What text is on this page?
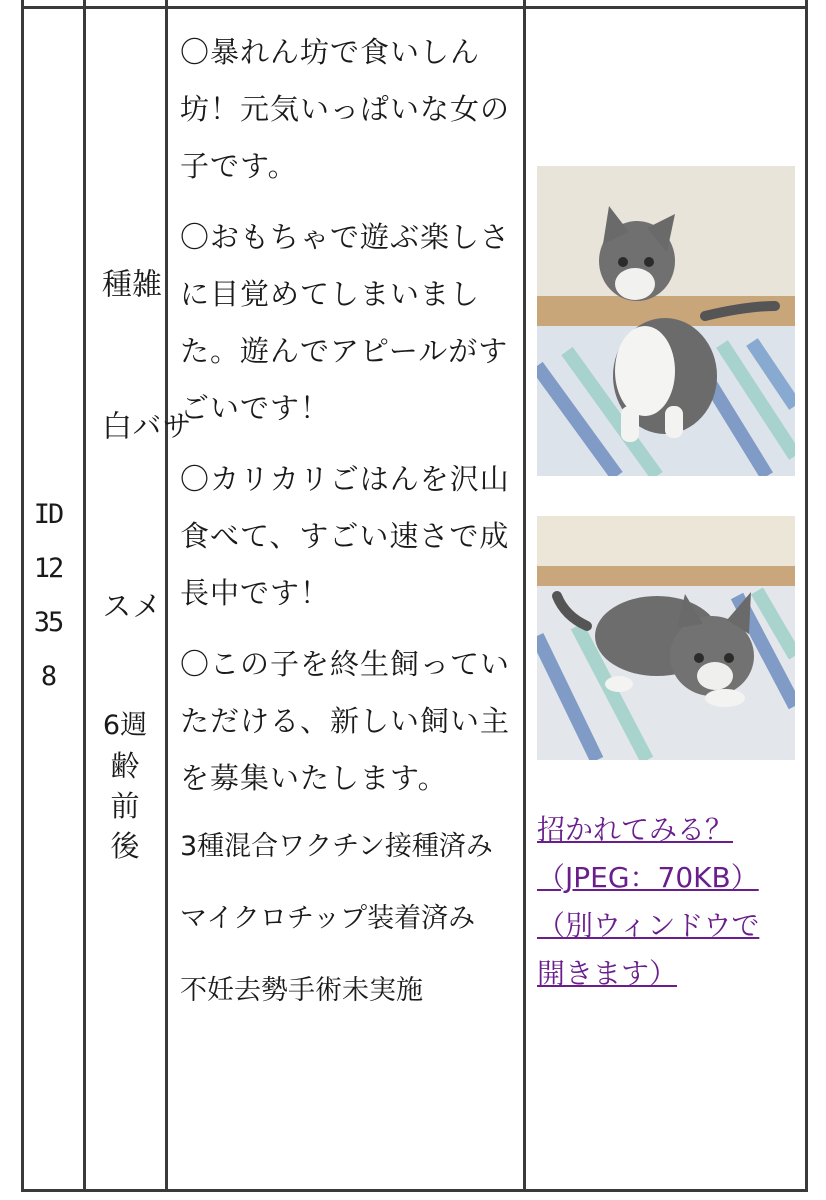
ID
12
35
8
雑種
サバ白
メス
6週
齢
前
後

〇暴れん坊で食いしん坊！元気いっぱいな女の子です。

〇おもちゃで遊ぶ楽しさに目覚めてしまいました。遊んでアピールがすごいです！

〇カリカリごはんを沢山食べて、すごい速さで成長中です！

〇この子を終生飼っていただける、新しい飼い主を募集いたします。

3種混合ワクチン接種済み

マイクロチップ装着済み

不妊去勢手術未実施

招かれてみる？
（JPEG：70KB）
（別ウィンドウで
開きます）
